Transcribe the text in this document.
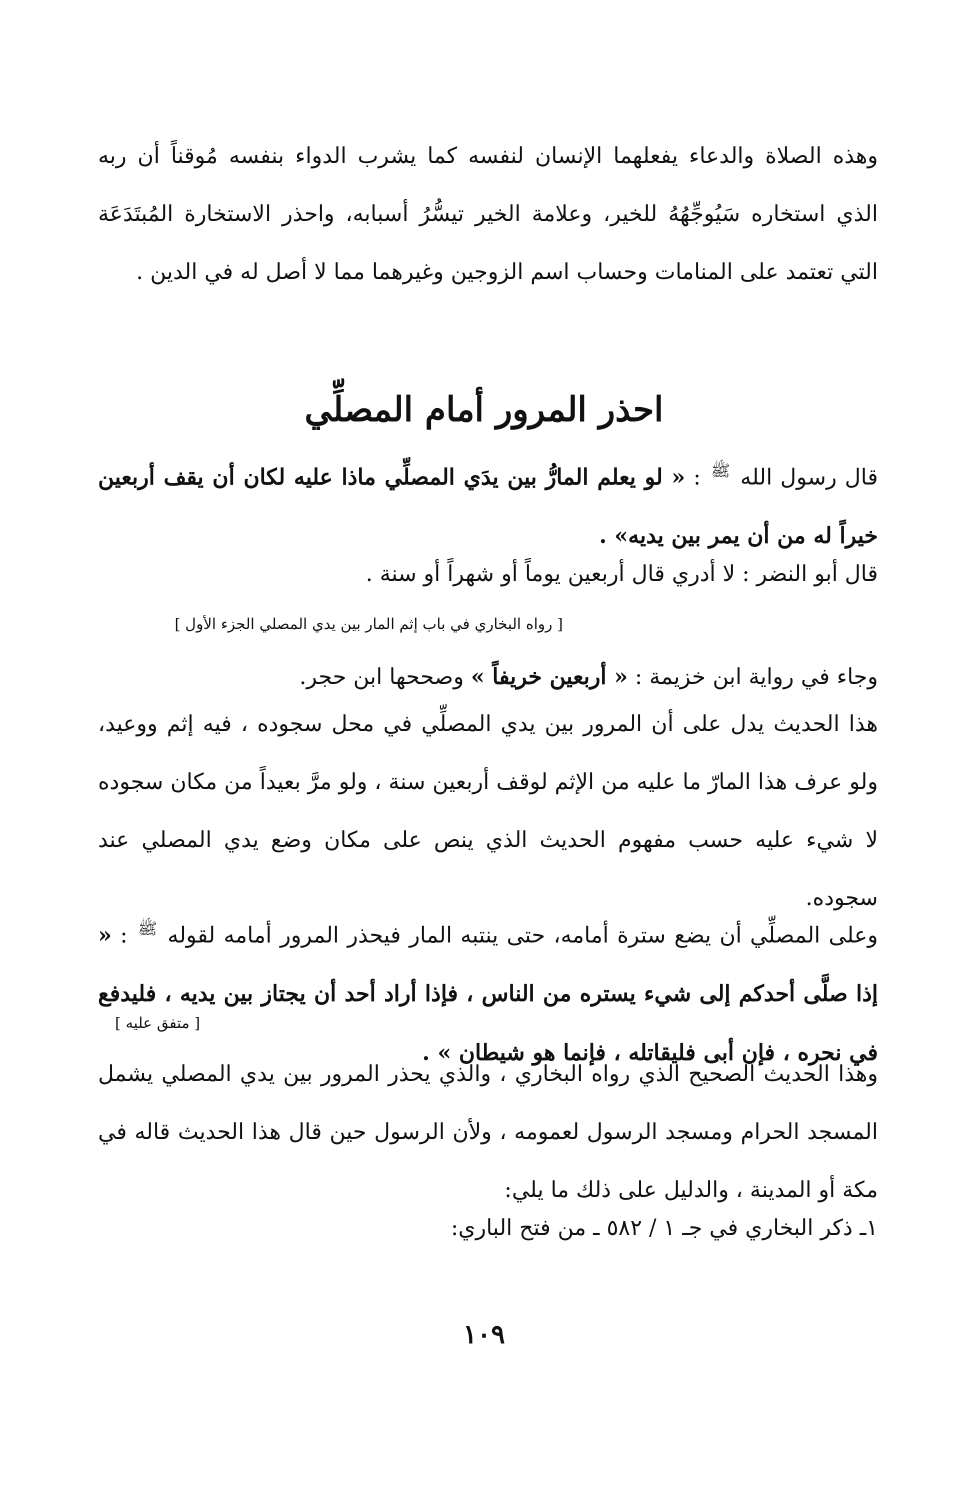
وهذه الصلاة والدعاء يفعلهما الإنسان لنفسه كما يشرب الدواء بنفسه مُوقناً أن ربه الذي استخاره سَيُوجِّهُهُ للخير، وعلامة الخير تيسُّرُ أسبابه، واحذر الاستخارة المُبتَدَعَة التي تعتمد على المنامات وحساب اسم الزوجين وغيرهما مما لا أصل له في الدين .

احذر المرور أمام المصلِّي

قال رسول الله $^ﷺ$ : « لو يعلم المارُّ بين يدَي المصلِّي ماذا عليه لكان أن يقف أربعين خيراً له من أن يمر بين يديه» .

قال أبو النضر : لا أدري قال أربعين يوماً أو شهراً أو سنة .

[ رواه البخاري في باب إثم المار بين يدي المصلي الجزء الأول ]

وجاء في رواية ابن خزيمة : « أربعين خريفاً » وصححها ابن حجر.

هذا الحديث يدل على أن المرور بين يدي المصلِّي في محل سجوده ، فيه إثم ووعيد، ولو عرف هذا المارّ ما عليه من الإثم لوقف أربعين سنة ، ولو مرَّ بعيداً من مكان سجوده لا شيء عليه حسب مفهوم الحديث الذي ينص على مكان وضع يدي المصلي عند سجوده.

وعلى المصلِّي أن يضع سترة أمامه، حتى ينتبه المار فيحذر المرور أمامه لقوله $^ﷺ$ : « إذا صلَّى أحدكم إلى شيء يستره من الناس ، فإذا أراد أحد أن يجتاز بين يديه ، فليدفع في نحره ، فإن أبى فليقاتله ، فإنما هو شيطان » .

[ متفق عليه ]

وهذا الحديث الصحيح الذي رواه البخاري ، والذي يحذر المرور بين يدي المصلي يشمل المسجد الحرام ومسجد الرسول لعمومه ، ولأن الرسول حين قال هذا الحديث قاله في مكة أو المدينة ، والدليل على ذلك ما يلي:

١ـ ذكر البخاري في جـ ١ / ٥٨٢ ـ من فتح الباري:

١٠٩
